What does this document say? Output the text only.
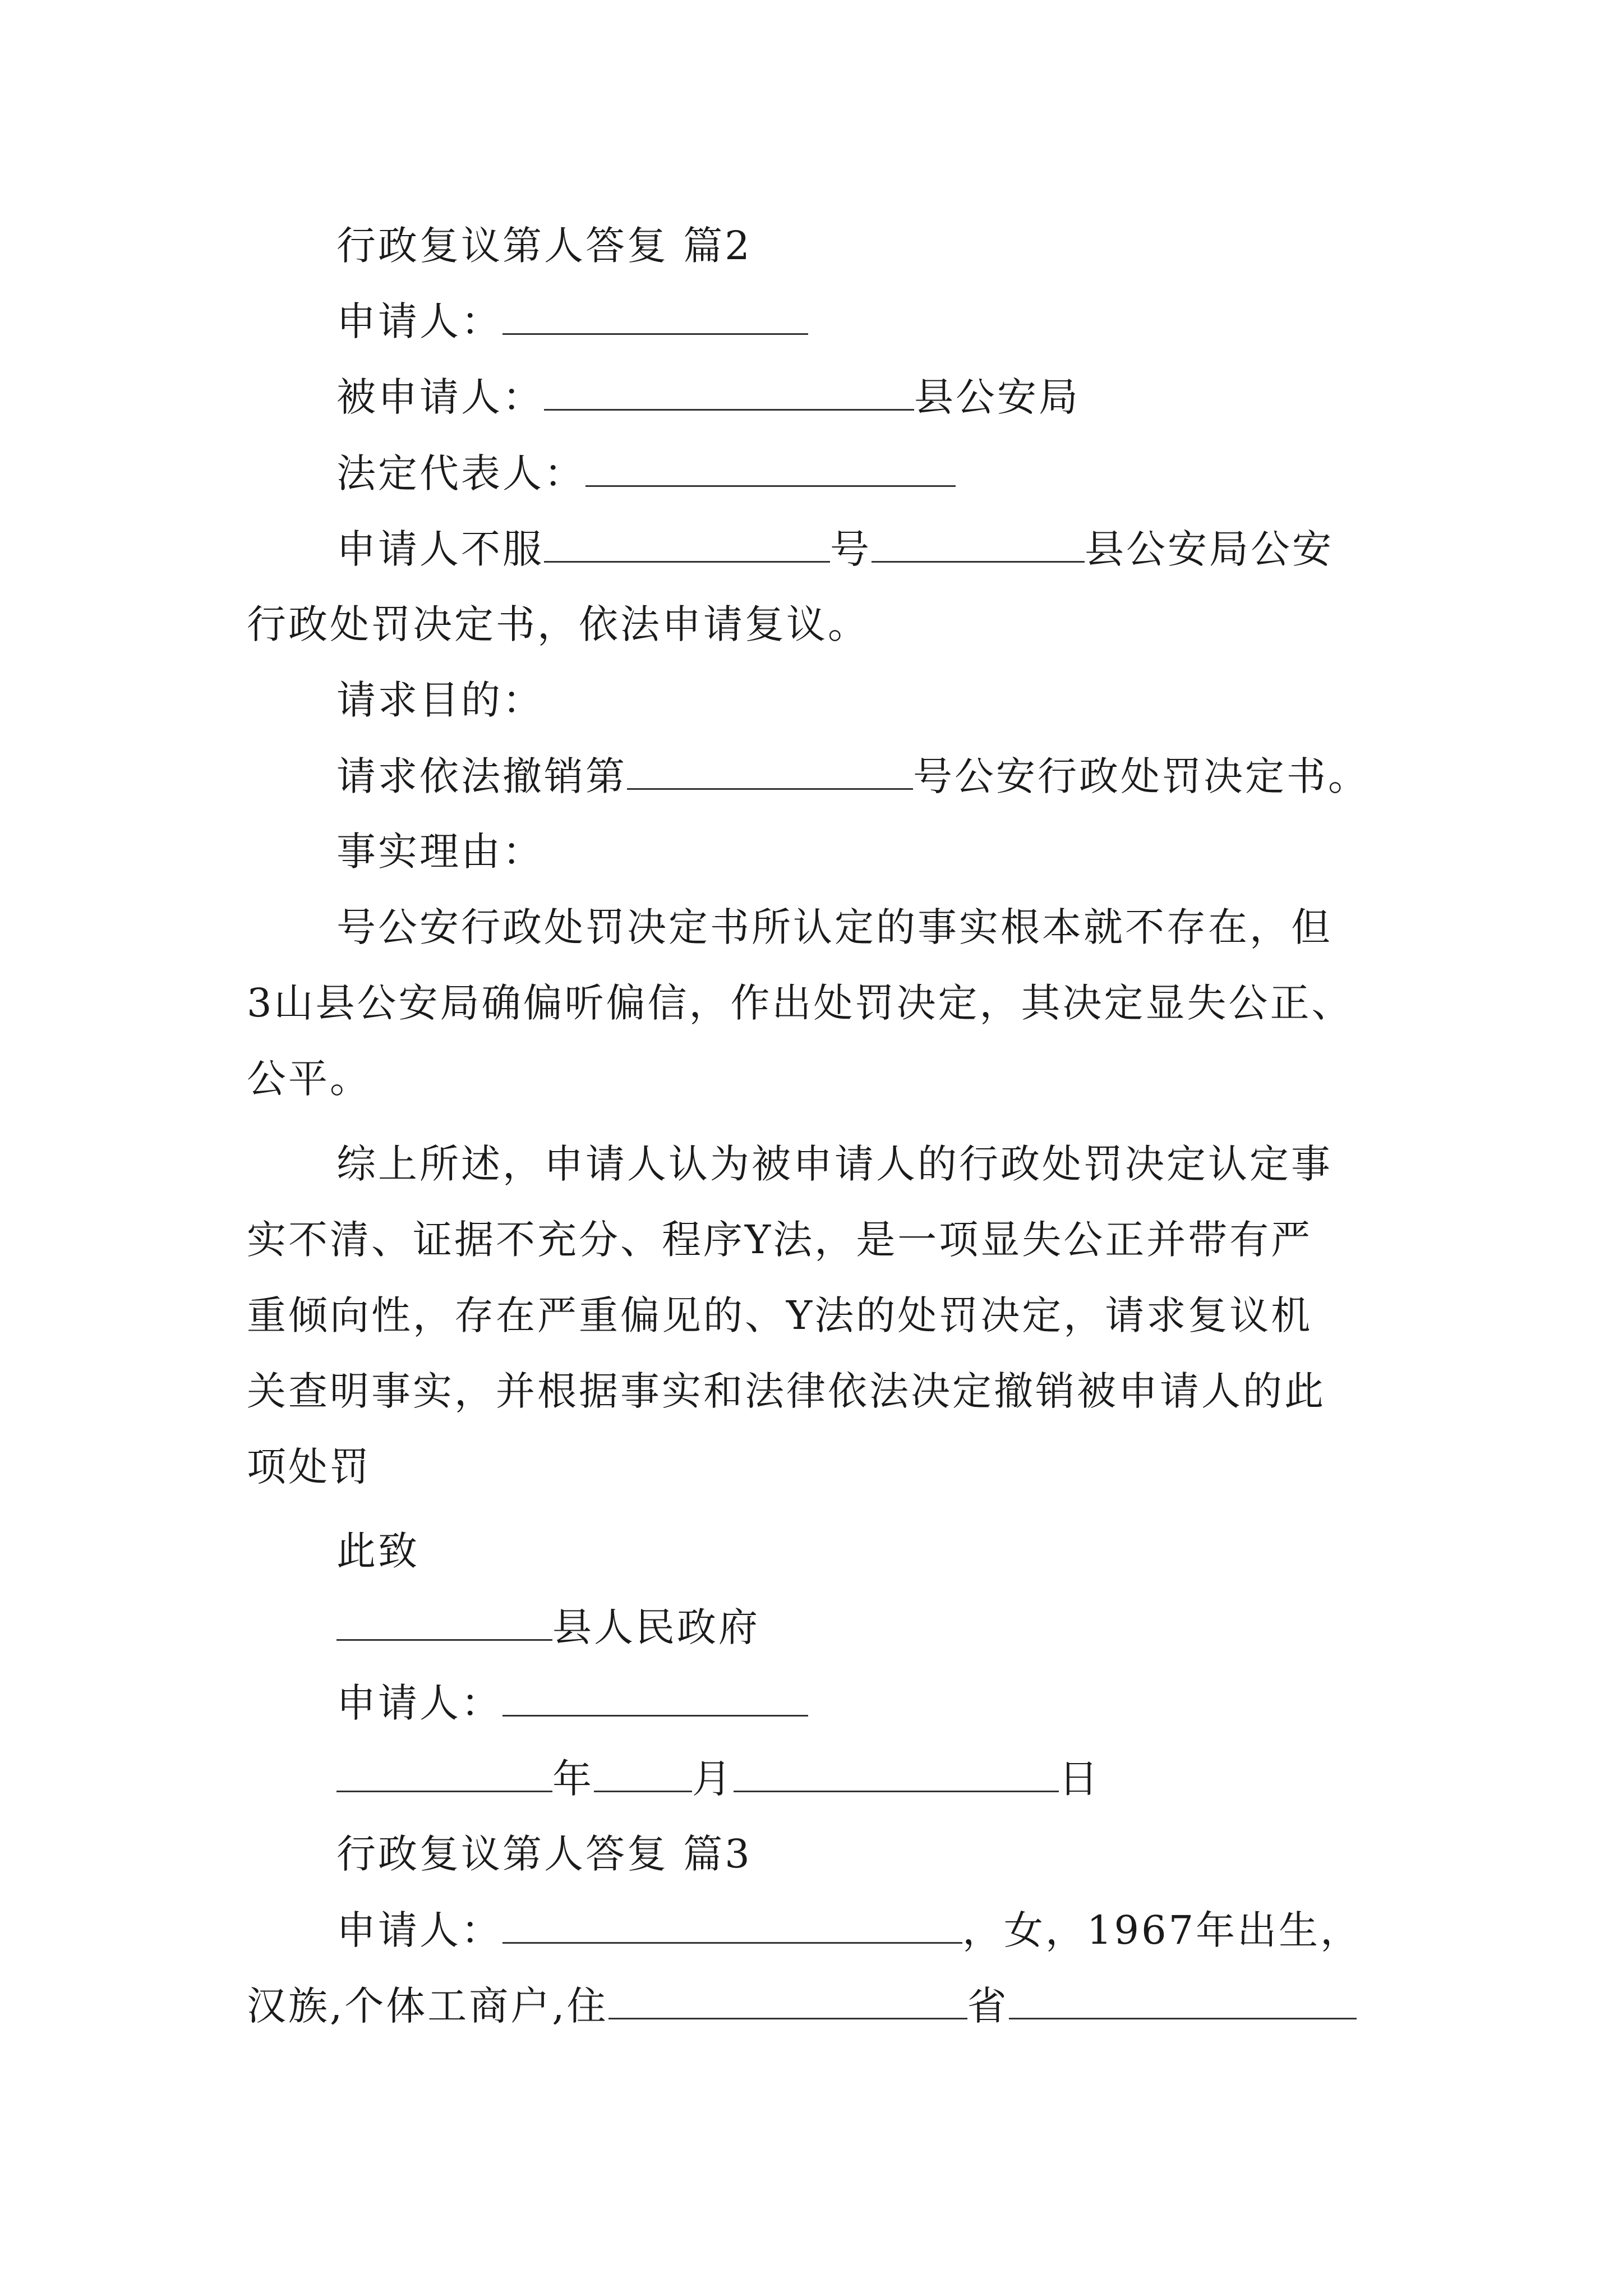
行政复议第人答复 篇2
申请人：
被申请人：	县公安局
法定代表人：
申请人不服	号	县公安局公安
行政处罚决定书，依法申请复议。
请求目的：
请求依法撤销第	号公安行政处罚决定书。
事实理由：
号公安行政处罚决定书所认定的事实根本就不存在，但
3山县公安局确偏听偏信，作出处罚决定，其决定显失公正、
公平。
综上所述，申请人认为被申请人的行政处罚决定认定事
实不清、证据不充分、程序Y法，是一项显失公正并带有严
重倾向性，存在严重偏见的、Y法的处罚决定，请求复议机
关查明事实，并根据事实和法律依法决定撤销被申请人的此
项处罚
此致
县人民政府
申请人：
年	月	日
行政复议第人答复 篇3
申请人：	，女，1967年出生，
汉族,个体工商户,住	省
